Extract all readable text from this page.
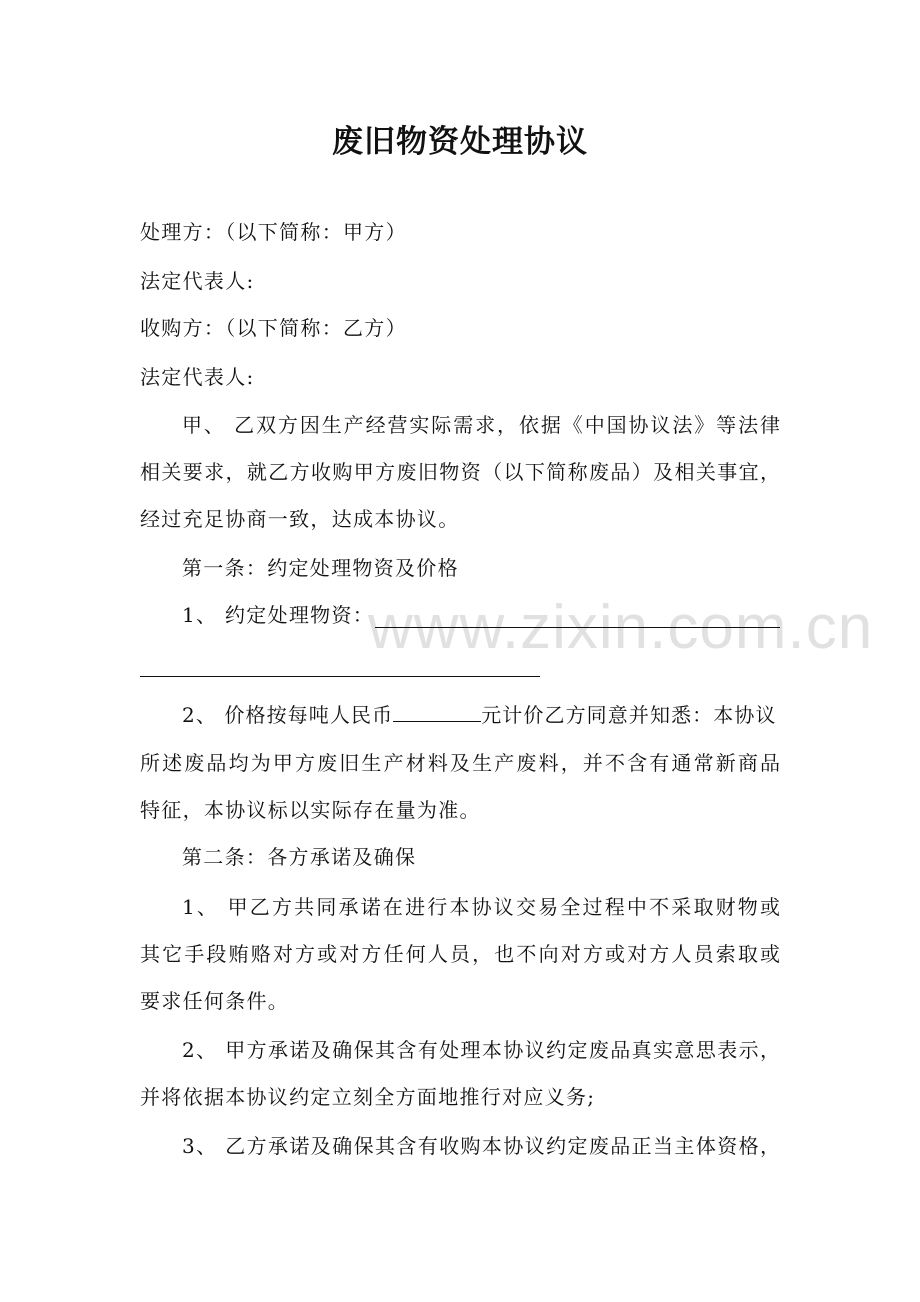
www.zixin.com.cn
废旧物资处理协议
处理方：（以下简称：甲方）
法定代表人:
收购方：（以下简称：乙方）
法定代表人:
甲、 乙双方因生产经营实际需求，依据《中国协议法》等法律
相关要求，就乙方收购甲方废旧物资（以下简称废品）及相关事宜，
经过充足协商一致，达成本协议。
第一条：约定处理物资及价格
1、 约定处理物资：
2、 价格按每吨人民币	元计价乙方同意并知悉：本协议
所述废品均为甲方废旧生产材料及生产废料，并不含有通常新商品
特征，本协议标以实际存在量为准。
第二条：各方承诺及确保
1、 甲乙方共同承诺在进行本协议交易全过程中不采取财物或
其它手段贿赂对方或对方任何人员，也不向对方或对方人员索取或
要求任何条件。
2、 甲方承诺及确保其含有处理本协议约定废品真实意思表示，
并将依据本协议约定立刻全方面地推行对应义务;
3、 乙方承诺及确保其含有收购本协议约定废品正当主体资格，
